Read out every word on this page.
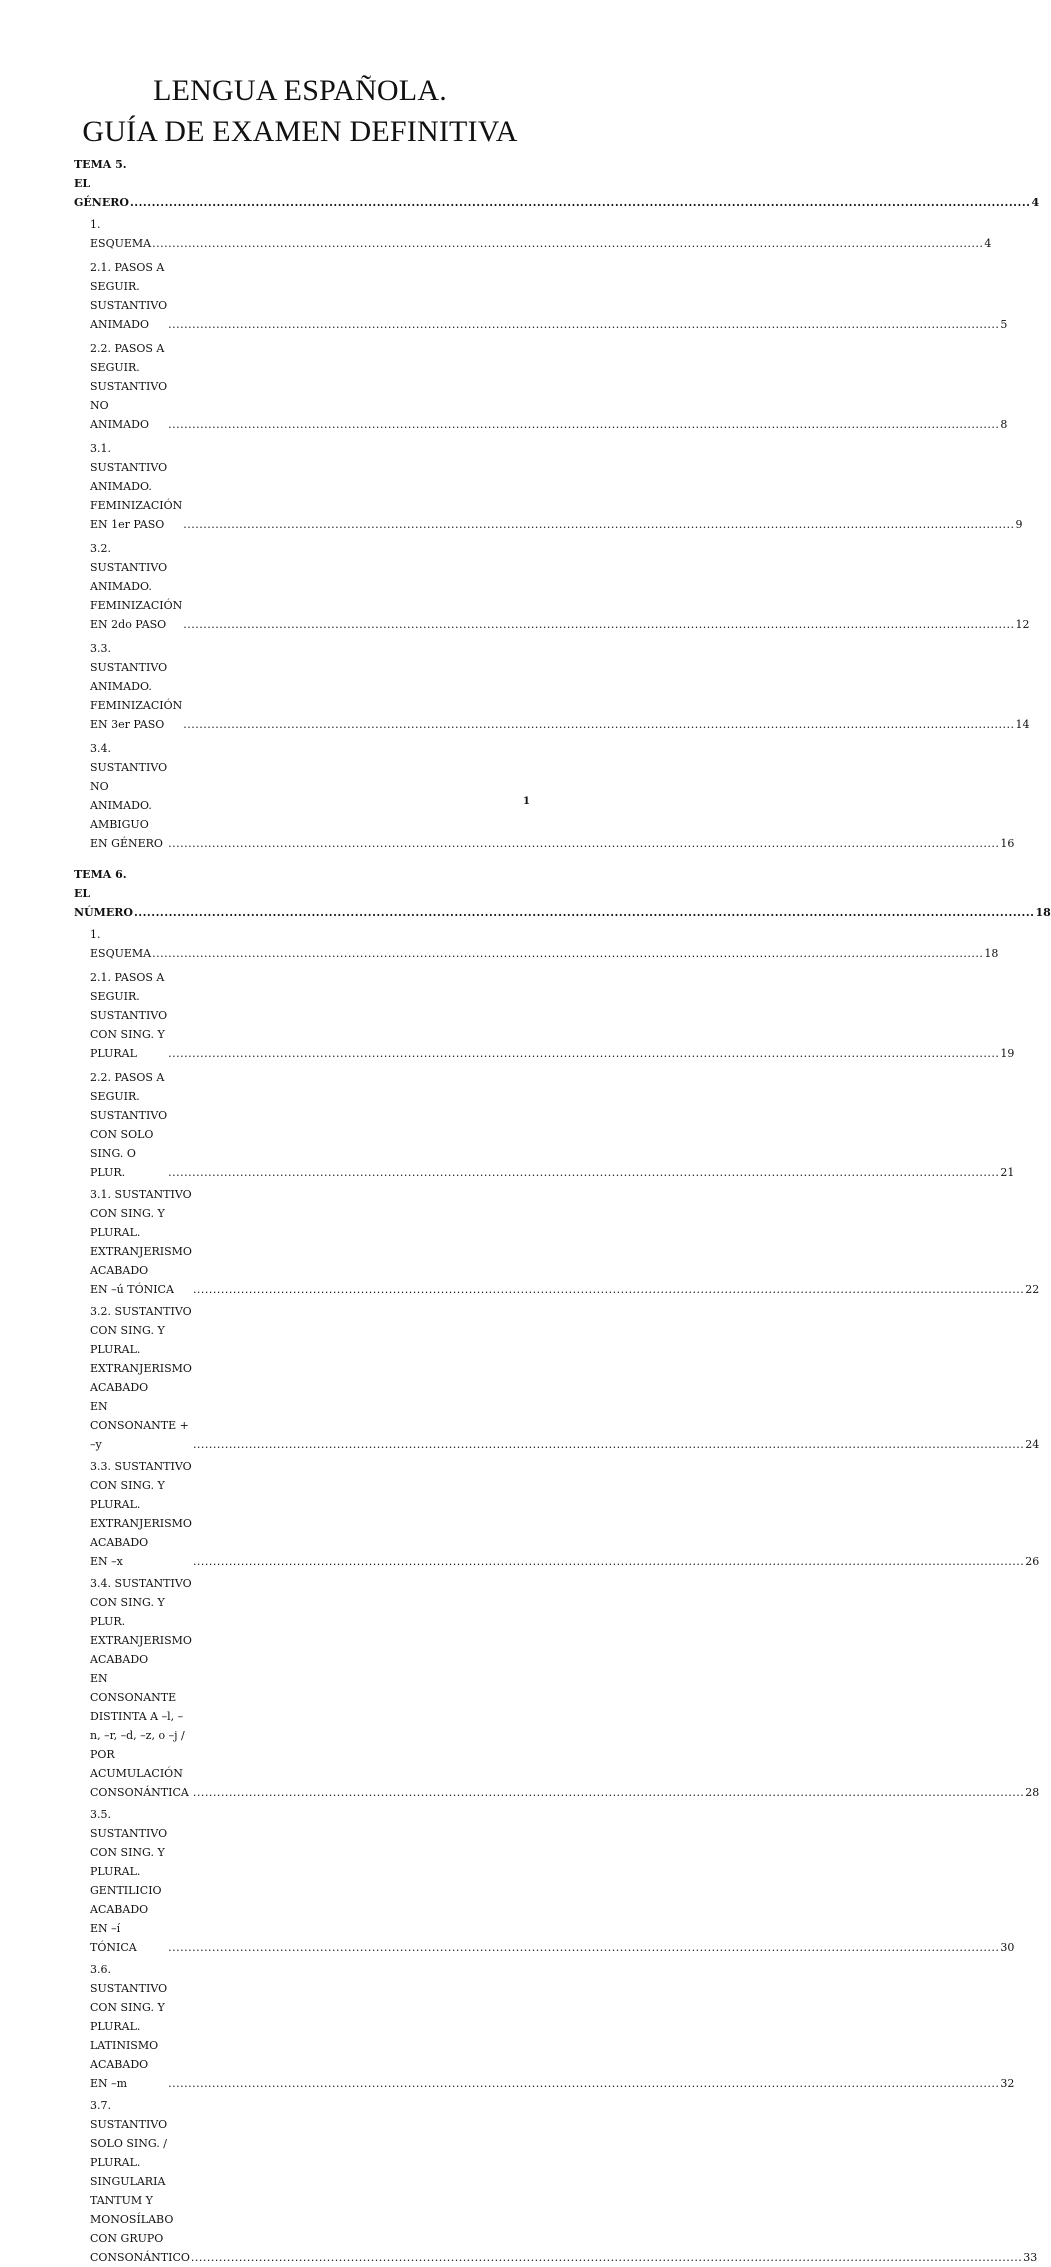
LENGUA ESPAÑOLA.
GUÍA DE EXAMEN DEFINITIVA
TEMA 5. EL GÉNERO .....	4
1. ESQUEMA .....	4
2.1. PASOS A SEGUIR. SUSTANTIVO ANIMADO .....	5
2.2. PASOS A SEGUIR. SUSTANTIVO NO ANIMADO .....	8
3.1. SUSTANTIVO ANIMADO. FEMINIZACIÓN EN 1er PASO .....	9
3.2. SUSTANTIVO ANIMADO. FEMINIZACIÓN EN 2do PASO .....	12
3.3. SUSTANTIVO ANIMADO. FEMINIZACIÓN EN 3er PASO .....	14
3.4. SUSTANTIVO NO ANIMADO. AMBIGUO EN GÉNERO .....	16
TEMA 6. EL NÚMERO .....	18
1. ESQUEMA .....	18
2.1. PASOS A SEGUIR. SUSTANTIVO CON SING. Y PLURAL .....	19
2.2. PASOS A SEGUIR. SUSTANTIVO CON SOLO SING. O PLUR. .....	21
3.1. SUSTANTIVO CON SING. Y PLURAL. EXTRANJERISMO ACABADO
EN –ú TÓNICA .....	22
3.2. SUSTANTIVO CON SING. Y PLURAL. EXTRANJERISMO ACABADO
EN CONSONANTE + –y .....	24
3.3. SUSTANTIVO CON SING. Y PLURAL. EXTRANJERISMO ACABADO
EN –x .....	26
3.4. SUSTANTIVO CON SING. Y PLUR. EXTRANJERISMO ACABADO
EN CONSONANTE DISTINTA A –l, –n, –r, –d, –z, o –j / POR
ACUMULACIÓN CONSONÁNTICA .....	28
3.5. SUSTANTIVO CON SING. Y PLURAL. GENTILICIO ACABADO
EN –í TÓNICA .....	30
3.6. SUSTANTIVO CON SING. Y PLURAL. LATINISMO ACABADO
EN –m .....	32
3.7. SUSTANTIVO SOLO SING. / PLURAL. SINGULARIA TANTUM Y
MONOSÍLABO CON GRUPO CONSONÁNTICO .....	33
1
